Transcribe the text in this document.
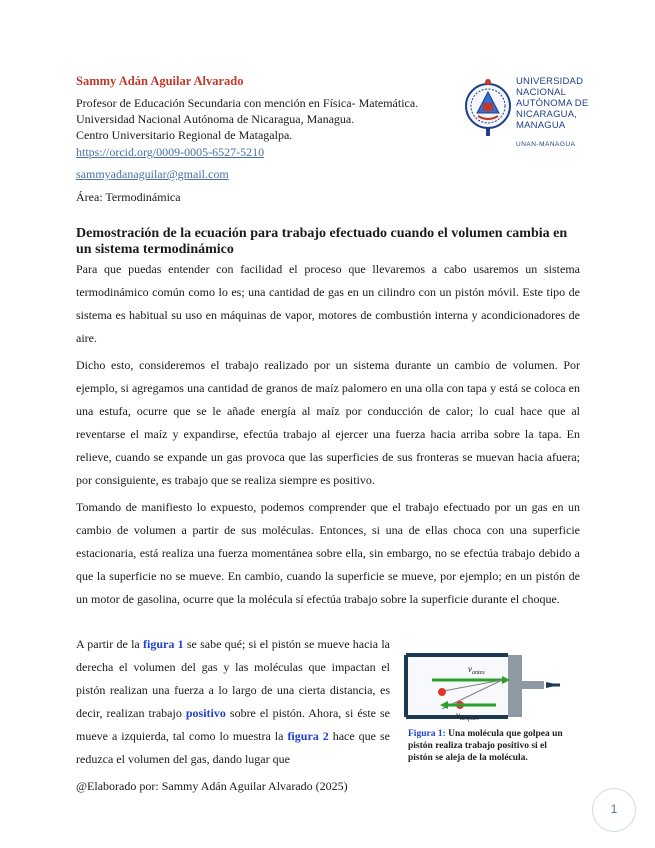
Sammy Adán Aguilar Alvarado
Profesor de Educación Secundaria con mención en Física- Matemática.
Universidad Nacional Autónoma de Nicaragua, Managua.
Centro Universitario Regional de Matagalpa.
https://orcid.org/0009-0005-6527-5210
sammyadanaguilar@gmail.com
Área: Termodinámica
UNIVERSIDAD
NACIONAL
AUTÓNOMA DE
NICARAGUA,
MANAGUA
UNAN-MANAGUA
Demostración de la ecuación para trabajo efectuado cuando el volumen cambia en un sistema termodinámico

Para que puedas entender con facilidad el proceso que llevaremos a cabo usaremos un sistema termodinámico común como lo es; una cantidad de gas en un cilindro con un pistón móvil. Este tipo de sistema es habitual su uso en máquinas de vapor, motores de combustión interna y acondicionadores de aire.

Dicho esto, consideremos el trabajo realizado por un sistema durante un cambio de volumen. Por ejemplo, si agregamos una cantidad de granos de maíz palomero en una olla con tapa y está se coloca en una estufa, ocurre que se le añade energía al maíz por conducción de calor; lo cual hace que al reventarse el maíz y expandirse, efectúa trabajo al ejercer una fuerza hacia arriba sobre la tapa. En relieve, cuando se expande un gas provoca que las superficies de sus fronteras se muevan hacia afuera; por consiguiente, es trabajo que se realiza siempre es positivo.

Tomando de manifiesto lo expuesto, podemos comprender que el trabajo efectuado por un gas en un cambio de volumen a partir de sus moléculas. Entonces, si una de ellas choca con una superficie estacionaria, está realiza una fuerza momentánea sobre ella, sin embargo, no se efectúa trabajo debido a que la superficie no se mueve. En cambio, cuando la superficie se mueve, por ejemplo; en un pistón de un motor de gasolina, ocurre que la molécula sí efectúa trabajo sobre la superficie durante el choque.

A partir de la figura 1 se sabe qué; si el pistón se mueve hacia la derecha el volumen del gas y las moléculas que impactan el pistón realizan una fuerza a lo largo de una cierta distancia, es decir, realizan trabajo positivo sobre el pistón. Ahora, si éste se mueve a izquierda, tal como lo muestra la figura 2 hace que se reduzca el volumen del gas, dando lugar que

$v_{antes}$
$v_{después}$
Figura 1: Una molécula que golpea un pistón realiza trabajo positivo si el pistón se aleja de la molécula.
@Elaborado por: Sammy Adán Aguilar Alvarado (2025)
1
